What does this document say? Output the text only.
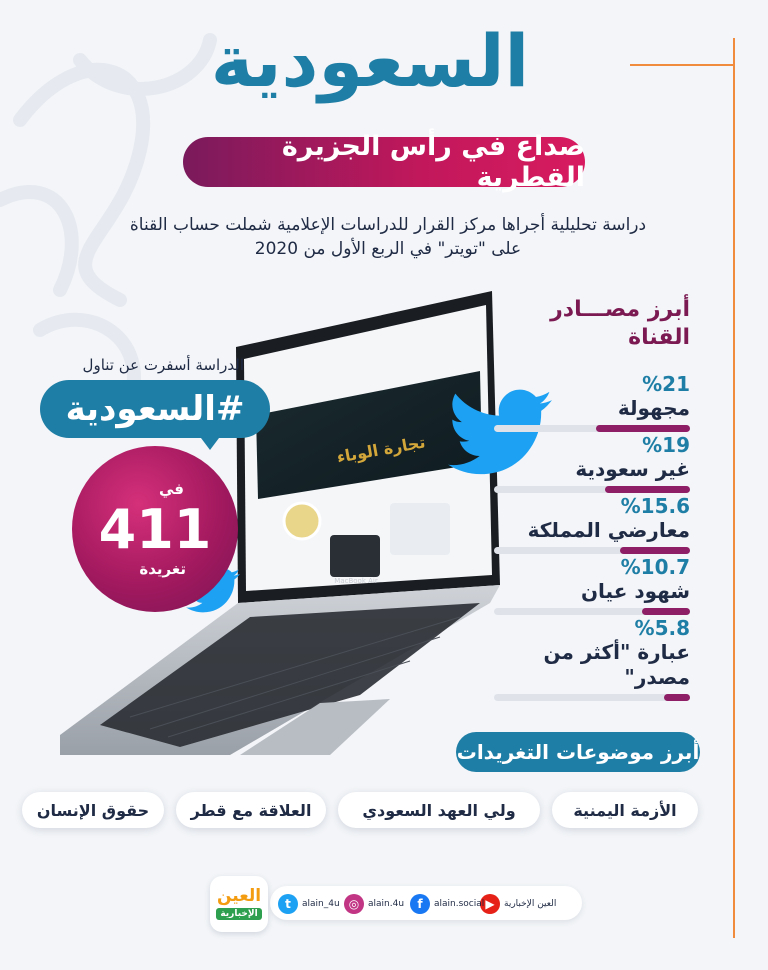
السعودية
صداع في رأس الجزيرة القطرية
دراسة تحليلية أجراها مركز القرار للدراسات الإعلامية شملت حساب القناة
على "تويتر" في الربع الأول من 2020
تجارة الوباء
MacBook Air
الدراسة أسفرت عن تناول
#السعودية
في
411
تغريدة
أبرز مصـــادر
القناة
%21
مجهولة
%19
غير سعودية
%15.6
معارضي المملكة
%10.7
شهود عيان
%5.8
عبارة "أكثر من مصدر"
أبرز موضوعات التغريدات
الأزمة اليمنية
ولي العهد السعودي
العلاقة مع قطر
حقوق الإنسان
▶	العين الإخبارية
f	alain.social
◎ alain.4u
t	alain_4u
العين
الإخبارية
